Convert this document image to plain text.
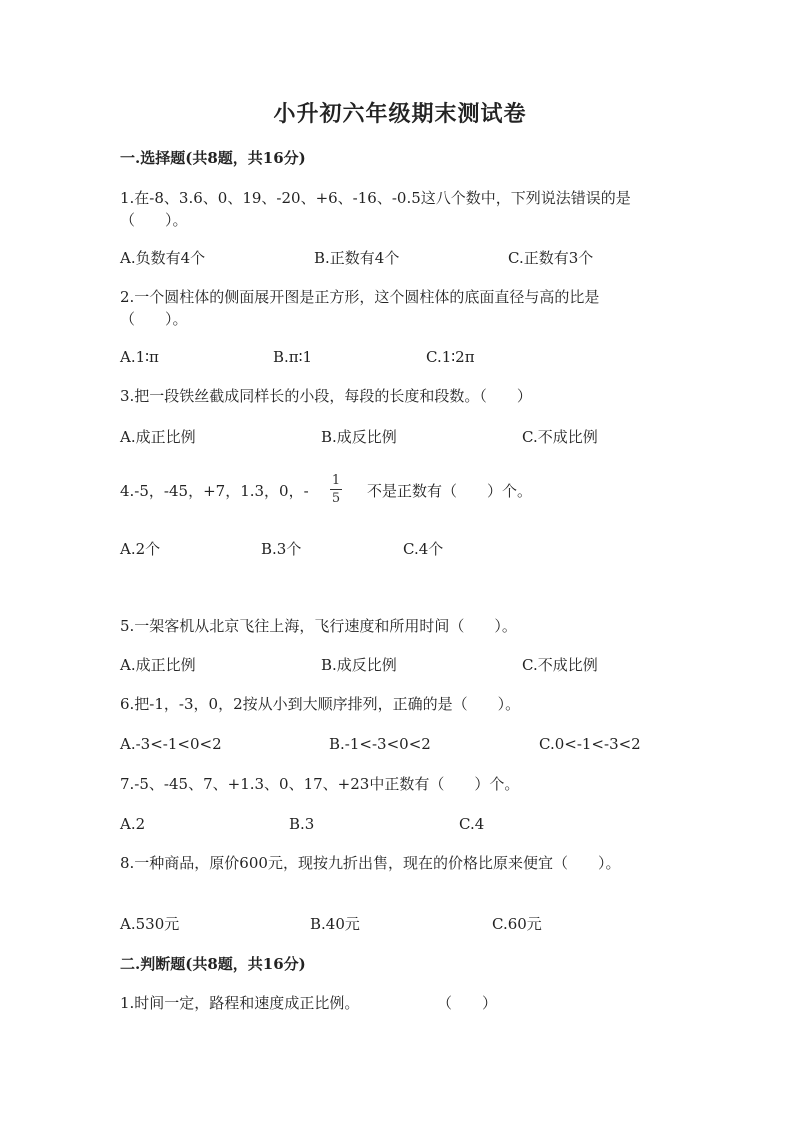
小升初六年级期末测试卷
一.选择题(共8题，共16分)
1.在-8、3.6、0、19、-20、+6、-16、-0.5这八个数中，下列说法错误的是
（　　）。
A.负数有4个	B.正数有4个	C.正数有3个
2.一个圆柱体的侧面展开图是正方形，这个圆柱体的底面直径与高的比是
（　　）。
A.1∶π	B.π∶1	C.1∶2π
3.把一段铁丝截成同样长的小段，每段的长度和段数。（　　）
A.成正比例	B.成反比例	C.不成比例
4.-5，-45，+7，1.3，0，-
1
5 不是正数有（　　）个。
A.2个	B.3个	C.4个
5.一架客机从北京飞往上海，飞行速度和所用时间（　　）。
A.成正比例	B.成反比例	C.不成比例
6.把-1，-3，0，2按从小到大顺序排列，正确的是（　　）。
A.-3<-1<0<2	B.-1<-3<0<2	C.0<-1<-3<2
7.-5、-45、7、+1.3、0、17、+23中正数有（　　）个。
A.2	B.3	C.4
8.一种商品，原价600元，现按九折出售，现在的价格比原来便宜（　　）。
A.530元	B.40元	C.60元
二.判断题(共8题，共16分)
1.时间一定，路程和速度成正比例。	（　　）
